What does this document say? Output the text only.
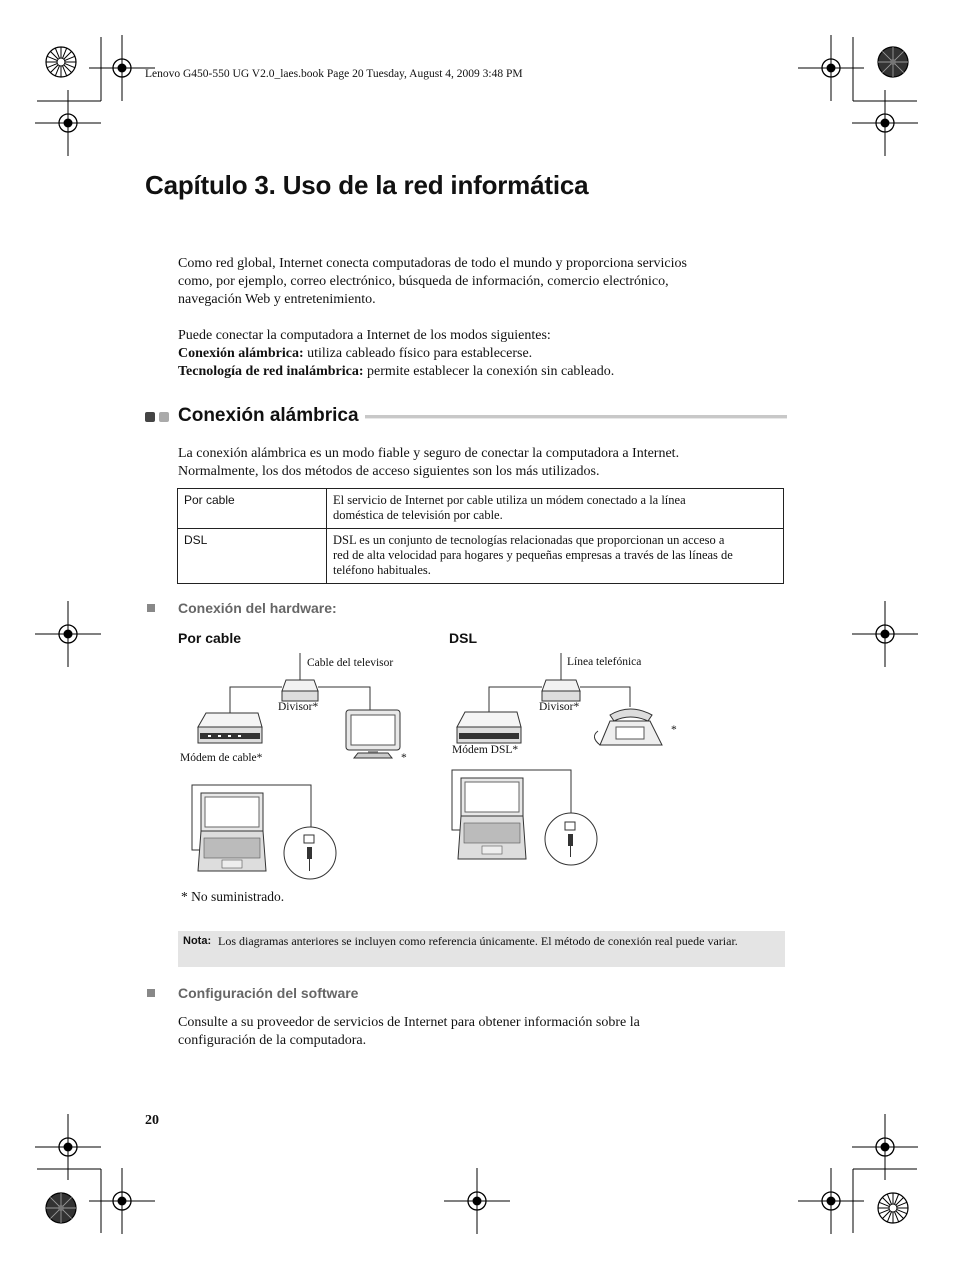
Lenovo G450-550 UG V2.0_laes.book Page 20 Tuesday, August 4, 2009 3:48 PM
Capítulo 3. Uso de la red informática
Como red global, Internet conecta computadoras de todo el mundo y proporciona servicios
como, por ejemplo, correo electrónico, búsqueda de información, comercio electrónico,
navegación Web y entretenimiento.
Puede conectar la computadora a Internet de los modos siguientes:
Conexión alámbrica: utiliza cableado físico para establecerse.
Tecnología de red inalámbrica: permite establecer la conexión sin cableado.
Conexión alámbrica
La conexión alámbrica es un modo fiable y seguro de conectar la computadora a Internet.
Normalmente, los dos métodos de acceso siguientes son los más utilizados.
Por cable	El servicio de Internet por cable utiliza un módem conectado a la línea
doméstica de televisión por cable.

DSL	DSL es un conjunto de tecnologías relacionadas que proporcionan un acceso a
red de alta velocidad para hogares y pequeñas empresas a través de las líneas de
teléfono habituales.
Conexión del hardware:
Por cable	DSL
Cable del televisor
Divisor*
Módem de cable*	*
Línea telefónica
Divisor*
Módem DSL*
*
* No suministrado.
Nota: Los diagramas anteriores se incluyen como referencia únicamente. El método de conexión real puede variar.
Configuración del software
Consulte a su proveedor de servicios de Internet para obtener información sobre la
configuración de la computadora.
20
